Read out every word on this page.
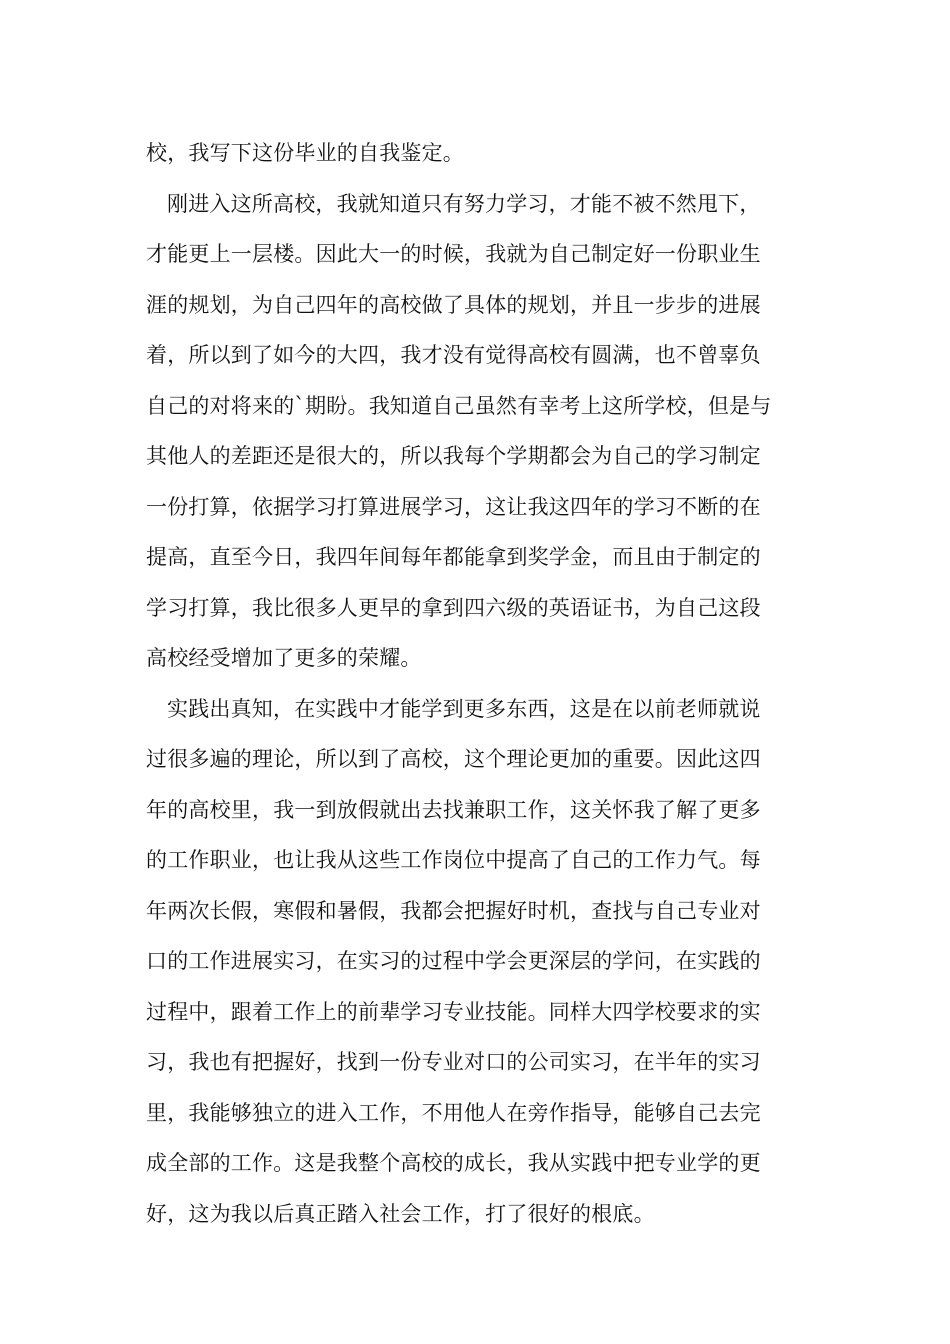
校，我写下这份毕业的自我鉴定。
刚进入这所高校，我就知道只有努力学习，才能不被不然甩下，
才能更上一层楼。因此大一的时候，我就为自己制定好一份职业生
涯的规划，为自己四年的高校做了具体的规划，并且一步步的进展
着，所以到了如今的大四，我才没有觉得高校有圆满，也不曾辜负
自己的对将来的`期盼。我知道自己虽然有幸考上这所学校，但是与
其他人的差距还是很大的，所以我每个学期都会为自己的学习制定
一份打算，依据学习打算进展学习，这让我这四年的学习不断的在
提高，直至今日，我四年间每年都能拿到奖学金，而且由于制定的
学习打算，我比很多人更早的拿到四六级的英语证书，为自己这段
高校经受增加了更多的荣耀。
实践出真知，在实践中才能学到更多东西，这是在以前老师就说
过很多遍的理论，所以到了高校，这个理论更加的重要。因此这四
年的高校里，我一到放假就出去找兼职工作，这关怀我了解了更多
的工作职业，也让我从这些工作岗位中提高了自己的工作力气。每
年两次长假，寒假和暑假，我都会把握好时机，查找与自己专业对
口的工作进展实习，在实习的过程中学会更深层的学问，在实践的
过程中，跟着工作上的前辈学习专业技能。同样大四学校要求的实
习，我也有把握好，找到一份专业对口的公司实习，在半年的实习
里，我能够独立的进入工作，不用他人在旁作指导，能够自己去完
成全部的工作。这是我整个高校的成长，我从实践中把专业学的更
好，这为我以后真正踏入社会工作，打了很好的根底。
